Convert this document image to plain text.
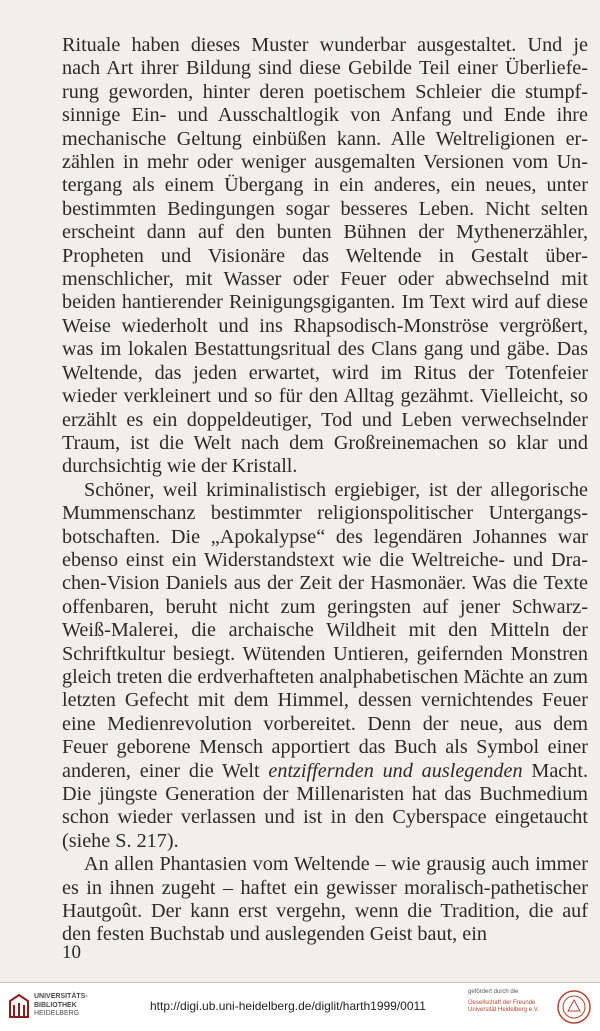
Rituale haben dieses Muster wunderbar ausgestaltet. Und je nach Art ihrer Bildung sind diese Gebilde Teil einer Überlieferung geworden, hinter deren poetischem Schleier die stumpfsinnige Ein- und Ausschaltlogik von Anfang und Ende ihre mechanische Geltung einbüßen kann. Alle Weltreligionen erzählen in mehr oder weniger ausgemalten Versionen vom Untergang als einem Übergang in ein anderes, ein neues, unter bestimmten Bedingungen sogar besseres Leben. Nicht selten erscheint dann auf den bunten Bühnen der Mythenerzähler, Propheten und Visionäre das Weltende in Gestalt übermenschlicher, mit Wasser oder Feuer oder abwechselnd mit beiden hantierender Reinigungsgiganten. Im Text wird auf diese Weise wiederholt und ins Rhapsodisch-Monströse vergrößert, was im lokalen Bestattungsritual des Clans gang und gäbe. Das Weltende, das jeden erwartet, wird im Ritus der Totenfeier wieder verkleinert und so für den Alltag gezähmt. Vielleicht, so erzählt es ein doppeldeutiger, Tod und Leben verwechselnder Traum, ist die Welt nach dem Großreinemachen so klar und durchsichtig wie der Kristall.

Schöner, weil kriminalistisch ergiebiger, ist der allegorische Mummenschanz bestimmter religionspolitischer Untergangsbotschaften. Die „Apokalypse“ des legendären Johannes war ebenso einst ein Widerstandstext wie die Weltreiche- und Drachen-Vision Daniels aus der Zeit der Hasmonäer. Was die Texte offenbaren, beruht nicht zum geringsten auf jener Schwarz-Weiß-Malerei, die archaische Wildheit mit den Mitteln der Schriftkultur besiegt. Wütenden Untieren, geifernden Monstren gleich treten die erdverhafteten analphabetischen Mächte an zum letzten Gefecht mit dem Himmel, dessen vernichtendes Feuer eine Medienrevolution vorbereitet. Denn der neue, aus dem Feuer geborene Mensch apportiert das Buch als Symbol einer anderen, einer die Welt entziffernden und auslegenden Macht. Die jüngste Generation der Millenaristen hat das Buchmedium schon wieder verlassen und ist in den Cyberspace eingetaucht (siehe S. 217).

An allen Phantasien vom Weltende – wie grausig auch immer es in ihnen zugeht – haftet ein gewisser moralisch-pathetischer Hautgoût. Der kann erst vergehn, wenn die Tradition, die auf den festen Buchstab und auslegenden Geist baut, ein

10
UNIVERSITÄTS-
BIBLIOTHEK
HEIDELBERG
http://digi.ub.uni-heidelberg.de/diglit/harth1999/0011
gefördert durch die
Gesellschaft der Freunde
Universität Heidelberg e.V.
